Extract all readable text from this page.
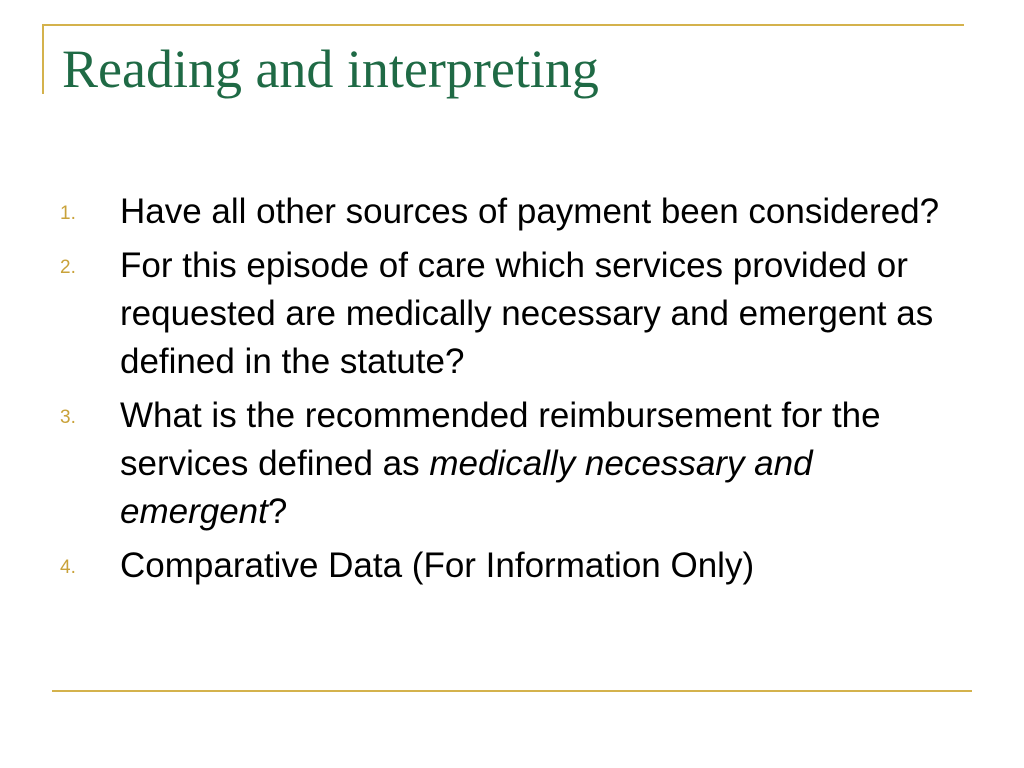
Reading and interpreting
1. Have all other sources of payment been considered?
2. For this episode of care which services provided or requested are medically necessary and emergent as defined in the statute?
3. What is the recommended reimbursement for the services defined as medically necessary and emergent?
4. Comparative Data (For Information Only)
